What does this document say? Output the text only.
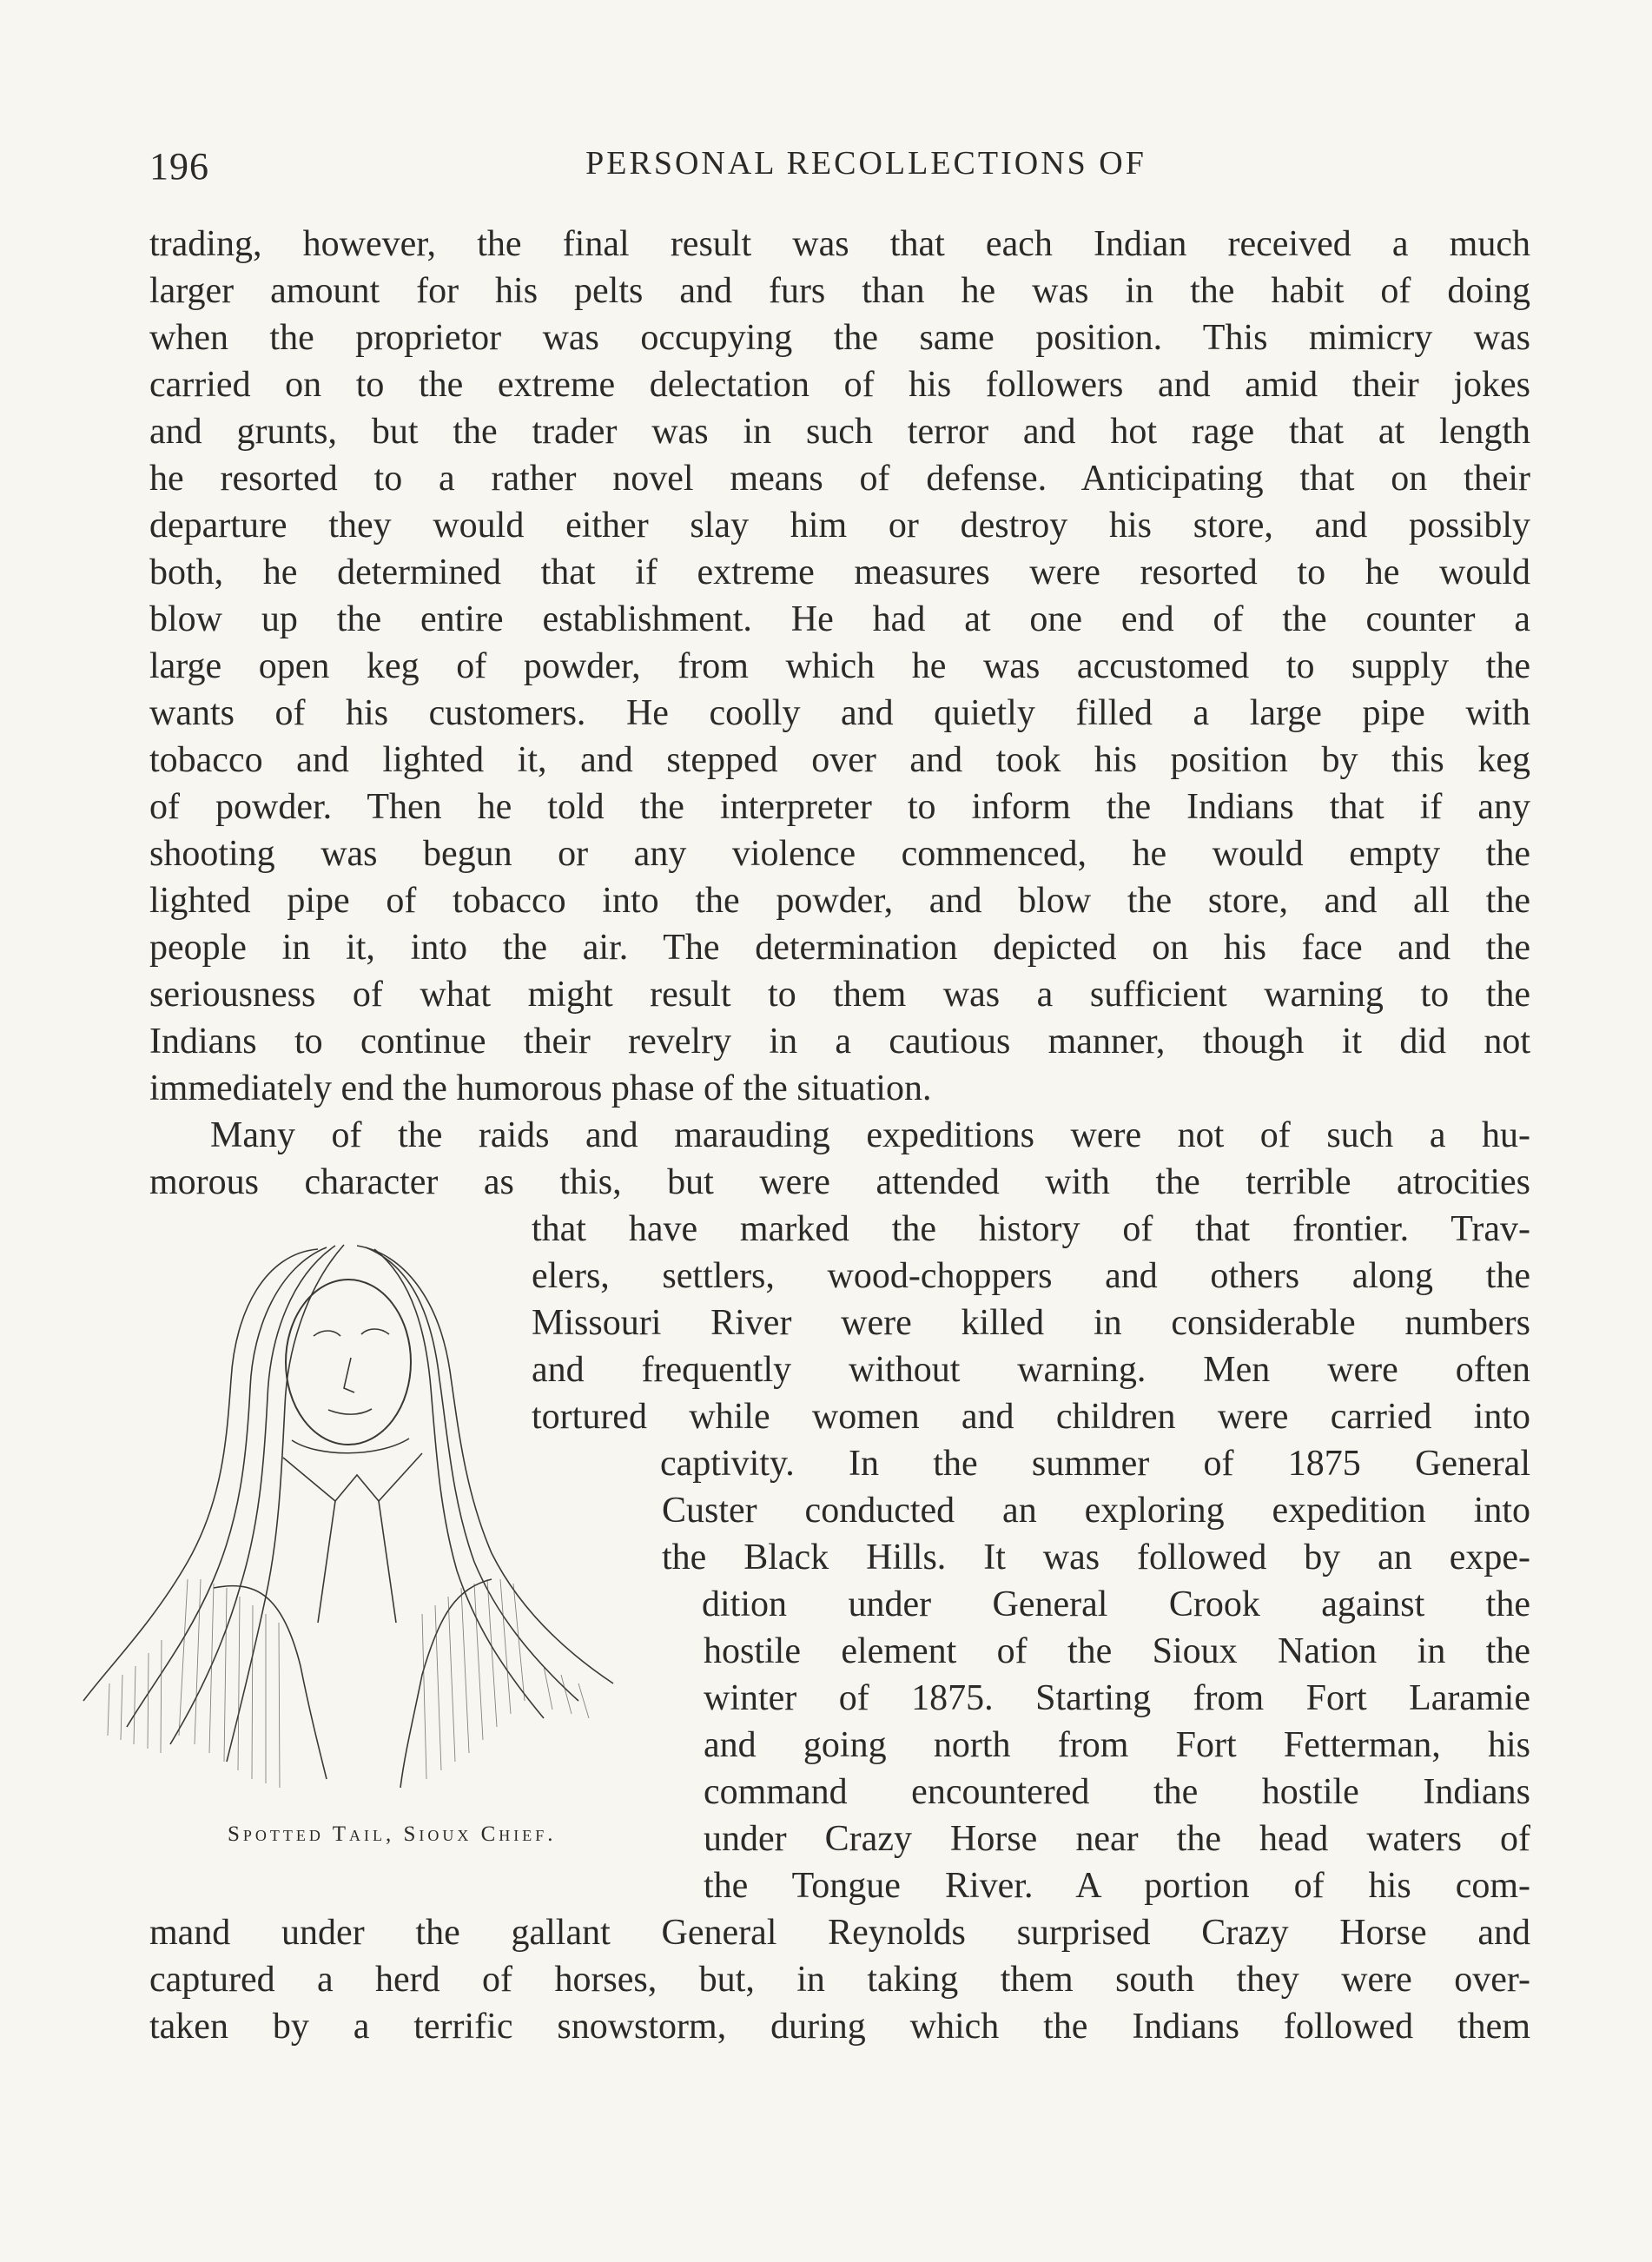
196	PERSONAL RECOLLECTIONS OF
trading, however, the final result was that each Indian received a much
larger amount for his pelts and furs than he was in the habit of doing
when the proprietor was occupying the same position. This mimicry was
carried on to the extreme delectation of his followers and amid their jokes
and grunts, but the trader was in such terror and hot rage that at length
he resorted to a rather novel means of defense. Anticipating that on their
departure they would either slay him or destroy his store, and possibly
both, he determined that if extreme measures were resorted to he would
blow up the entire establishment. He had at one end of the counter a
large open keg of powder, from which he was accustomed to supply the
wants of his customers. He coolly and quietly filled a large pipe with
tobacco and lighted it, and stepped over and took his position by this keg
of powder. Then he told the interpreter to inform the Indians that if any
shooting was begun or any violence commenced, he would empty the
lighted pipe of tobacco into the powder, and blow the store, and all the
people in it, into the air. The determination depicted on his face and the
seriousness of what might result to them was a sufficient warning to the
Indians to continue their revelry in a cautious manner, though it did not
immediately end the humorous phase of the situation.
Many of the raids and marauding expeditions were not of such a hu-
morous character as this, but were attended with the terrible atrocities
that have marked the history of that frontier. Trav-
elers, settlers, wood-choppers and others along the
Missouri River were killed in considerable numbers
and frequently without warning. Men were often
tortured while women and children were carried into
captivity. In the summer of 1875 General
Custer conducted an exploring expedition into
the Black Hills. It was followed by an expe-
dition under General Crook against the
hostile element of the Sioux Nation in the
winter of 1875. Starting from Fort Laramie
and going north from Fort Fetterman, his
command encountered the hostile Indians
under Crazy Horse near the head waters of
the Tongue River. A portion of his com-
mand under the gallant General Reynolds surprised Crazy Horse and
captured a herd of horses, but, in taking them south they were over-
taken by a terrific snowstorm, during which the Indians followed them
Spotted Tail, Sioux Chief.
